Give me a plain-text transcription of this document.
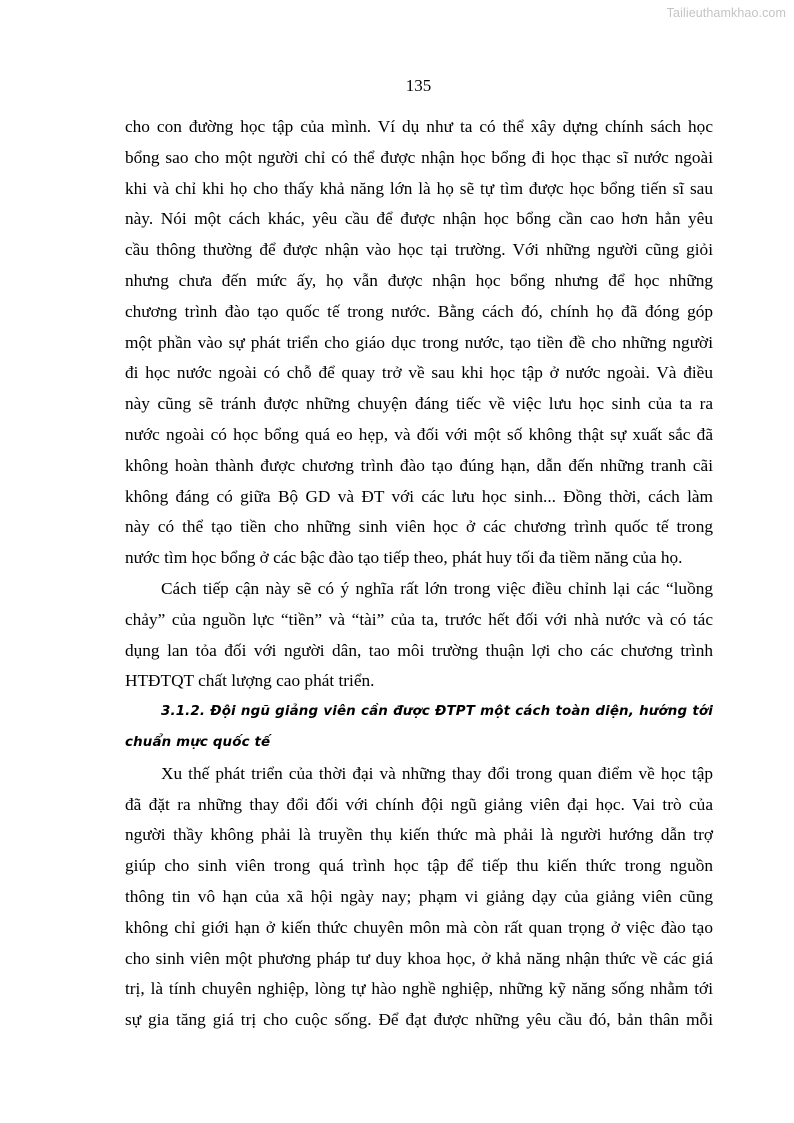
Tailieuthamkhao.com
135
cho con đường học tập của mình. Ví dụ như ta có thể xây dựng chính sách học
bổng sao cho một người chỉ có thể được nhận học bổng đi học thạc sĩ nước ngoài
khi và chỉ khi họ cho thấy khả năng lớn là họ sẽ tự tìm được học bổng tiến sĩ sau
này. Nói một cách khác, yêu cầu để được nhận học bổng cần cao hơn hẳn yêu
cầu thông thường để được nhận vào học tại trường. Với những người cũng giỏi
nhưng chưa đến mức ấy, họ vẫn được nhận học bổng nhưng để học những
chương trình đào tạo quốc tế trong nước. Bằng cách đó, chính họ đã đóng góp
một phần vào sự phát triển cho giáo dục trong nước, tạo tiền đề cho những người
đi học nước ngoài có chỗ để quay trở về sau khi học tập ở nước ngoài. Và điều
này cũng sẽ tránh được những chuyện đáng tiếc về việc lưu học sinh của ta ra
nước ngoài có học bổng quá eo hẹp, và đối với một số không thật sự xuất sắc đã
không hoàn thành được chương trình đào tạo đúng hạn, dẫn đến những tranh cãi
không đáng có giữa Bộ GD và ĐT với các lưu học sinh... Đồng thời, cách làm
này có thể tạo tiền cho những sinh viên học ở các chương trình quốc tế trong
nước tìm học bổng ở các bậc đào tạo tiếp theo, phát huy tối đa tiềm năng của họ.
Cách tiếp cận này sẽ có ý nghĩa rất lớn trong việc điều chỉnh lại các “luồng
chảy” của nguồn lực “tiền” và “tài” của ta, trước hết đối với nhà nước và có tác
dụng lan tỏa đối với người dân, tao môi trường thuận lợi cho các chương trình
HTĐTQT chất lượng cao phát triển.
3.1.2. Đội ngũ giảng viên cần được ĐTPT một cách toàn diện, hướng tới
chuẩn mực quốc tế
Xu thế phát triển của thời đại và những thay đổi trong quan điểm về học tập
đã đặt ra những thay đổi đối với chính đội ngũ giảng viên đại học. Vai trò của
người thầy không phải là truyền thụ kiến thức mà phải là người hướng dẫn trợ
giúp cho sinh viên trong quá trình học tập để tiếp thu kiến thức trong nguồn
thông tin vô hạn của xã hội ngày nay; phạm vi giảng dạy của giảng viên cũng
không chỉ giới hạn ở kiến thức chuyên môn mà còn rất quan trọng ở việc đào tạo
cho sinh viên một phương pháp tư duy khoa học, ở khả năng nhận thức về các giá
trị, là tính chuyên nghiệp, lòng tự hào nghề nghiệp, những kỹ năng sống nhằm tới
sự gia tăng giá trị cho cuộc sống. Để đạt được những yêu cầu đó, bản thân mỗi
